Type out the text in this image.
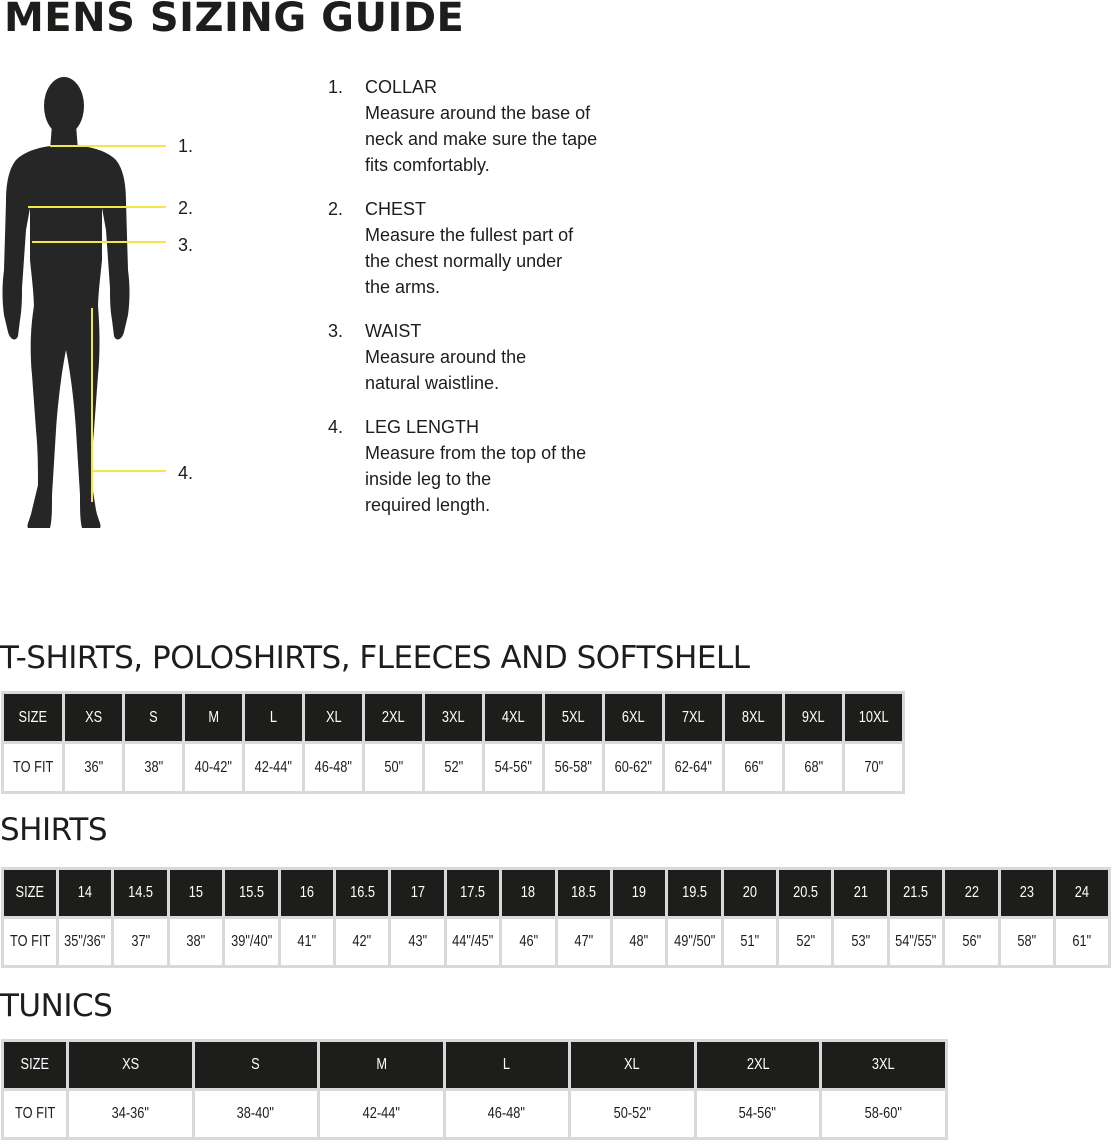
MENS SIZING GUIDE
1.
2.
3.
4.
1. COLLAR
Measure around the base of
neck and make sure the tape
fits comfortably.
2. CHEST
Measure the fullest part of
the chest normally under
the arms.
3. WAIST
Measure around the
natural waistline.
4. LEG LENGTH
Measure from the top of the
inside leg to the
required length.
T-SHIRTS, POLOSHIRTS, FLEECES AND SOFTSHELL
SIZE	XS	S	M	L	XL	2XL	3XL	4XL	5XL	6XL	7XL	8XL	9XL	10XL
TO FIT	36"	38"	40-42"	42-44"	46-48"	50"	52"	54-56"	56-58"	60-62"	62-64"	66"	68"	70"
SHIRTS
SIZE	14	14.5	15	15.5	16	16.5	17	17.5	18	18.5	19	19.5	20	20.5	21	21.5	22	23	24
TO FIT	35"/36"	37"	38"	39"/40"	41"	42"	43"	44"/45"	46"	47"	48"	49"/50"	51"	52"	53"	54"/55"	56"	58"	61"
TUNICS
SIZE	XS	S	M	L	XL	2XL	3XL
TO FIT	34-36"	38-40"	42-44"	46-48"	50-52"	54-56"	58-60"
